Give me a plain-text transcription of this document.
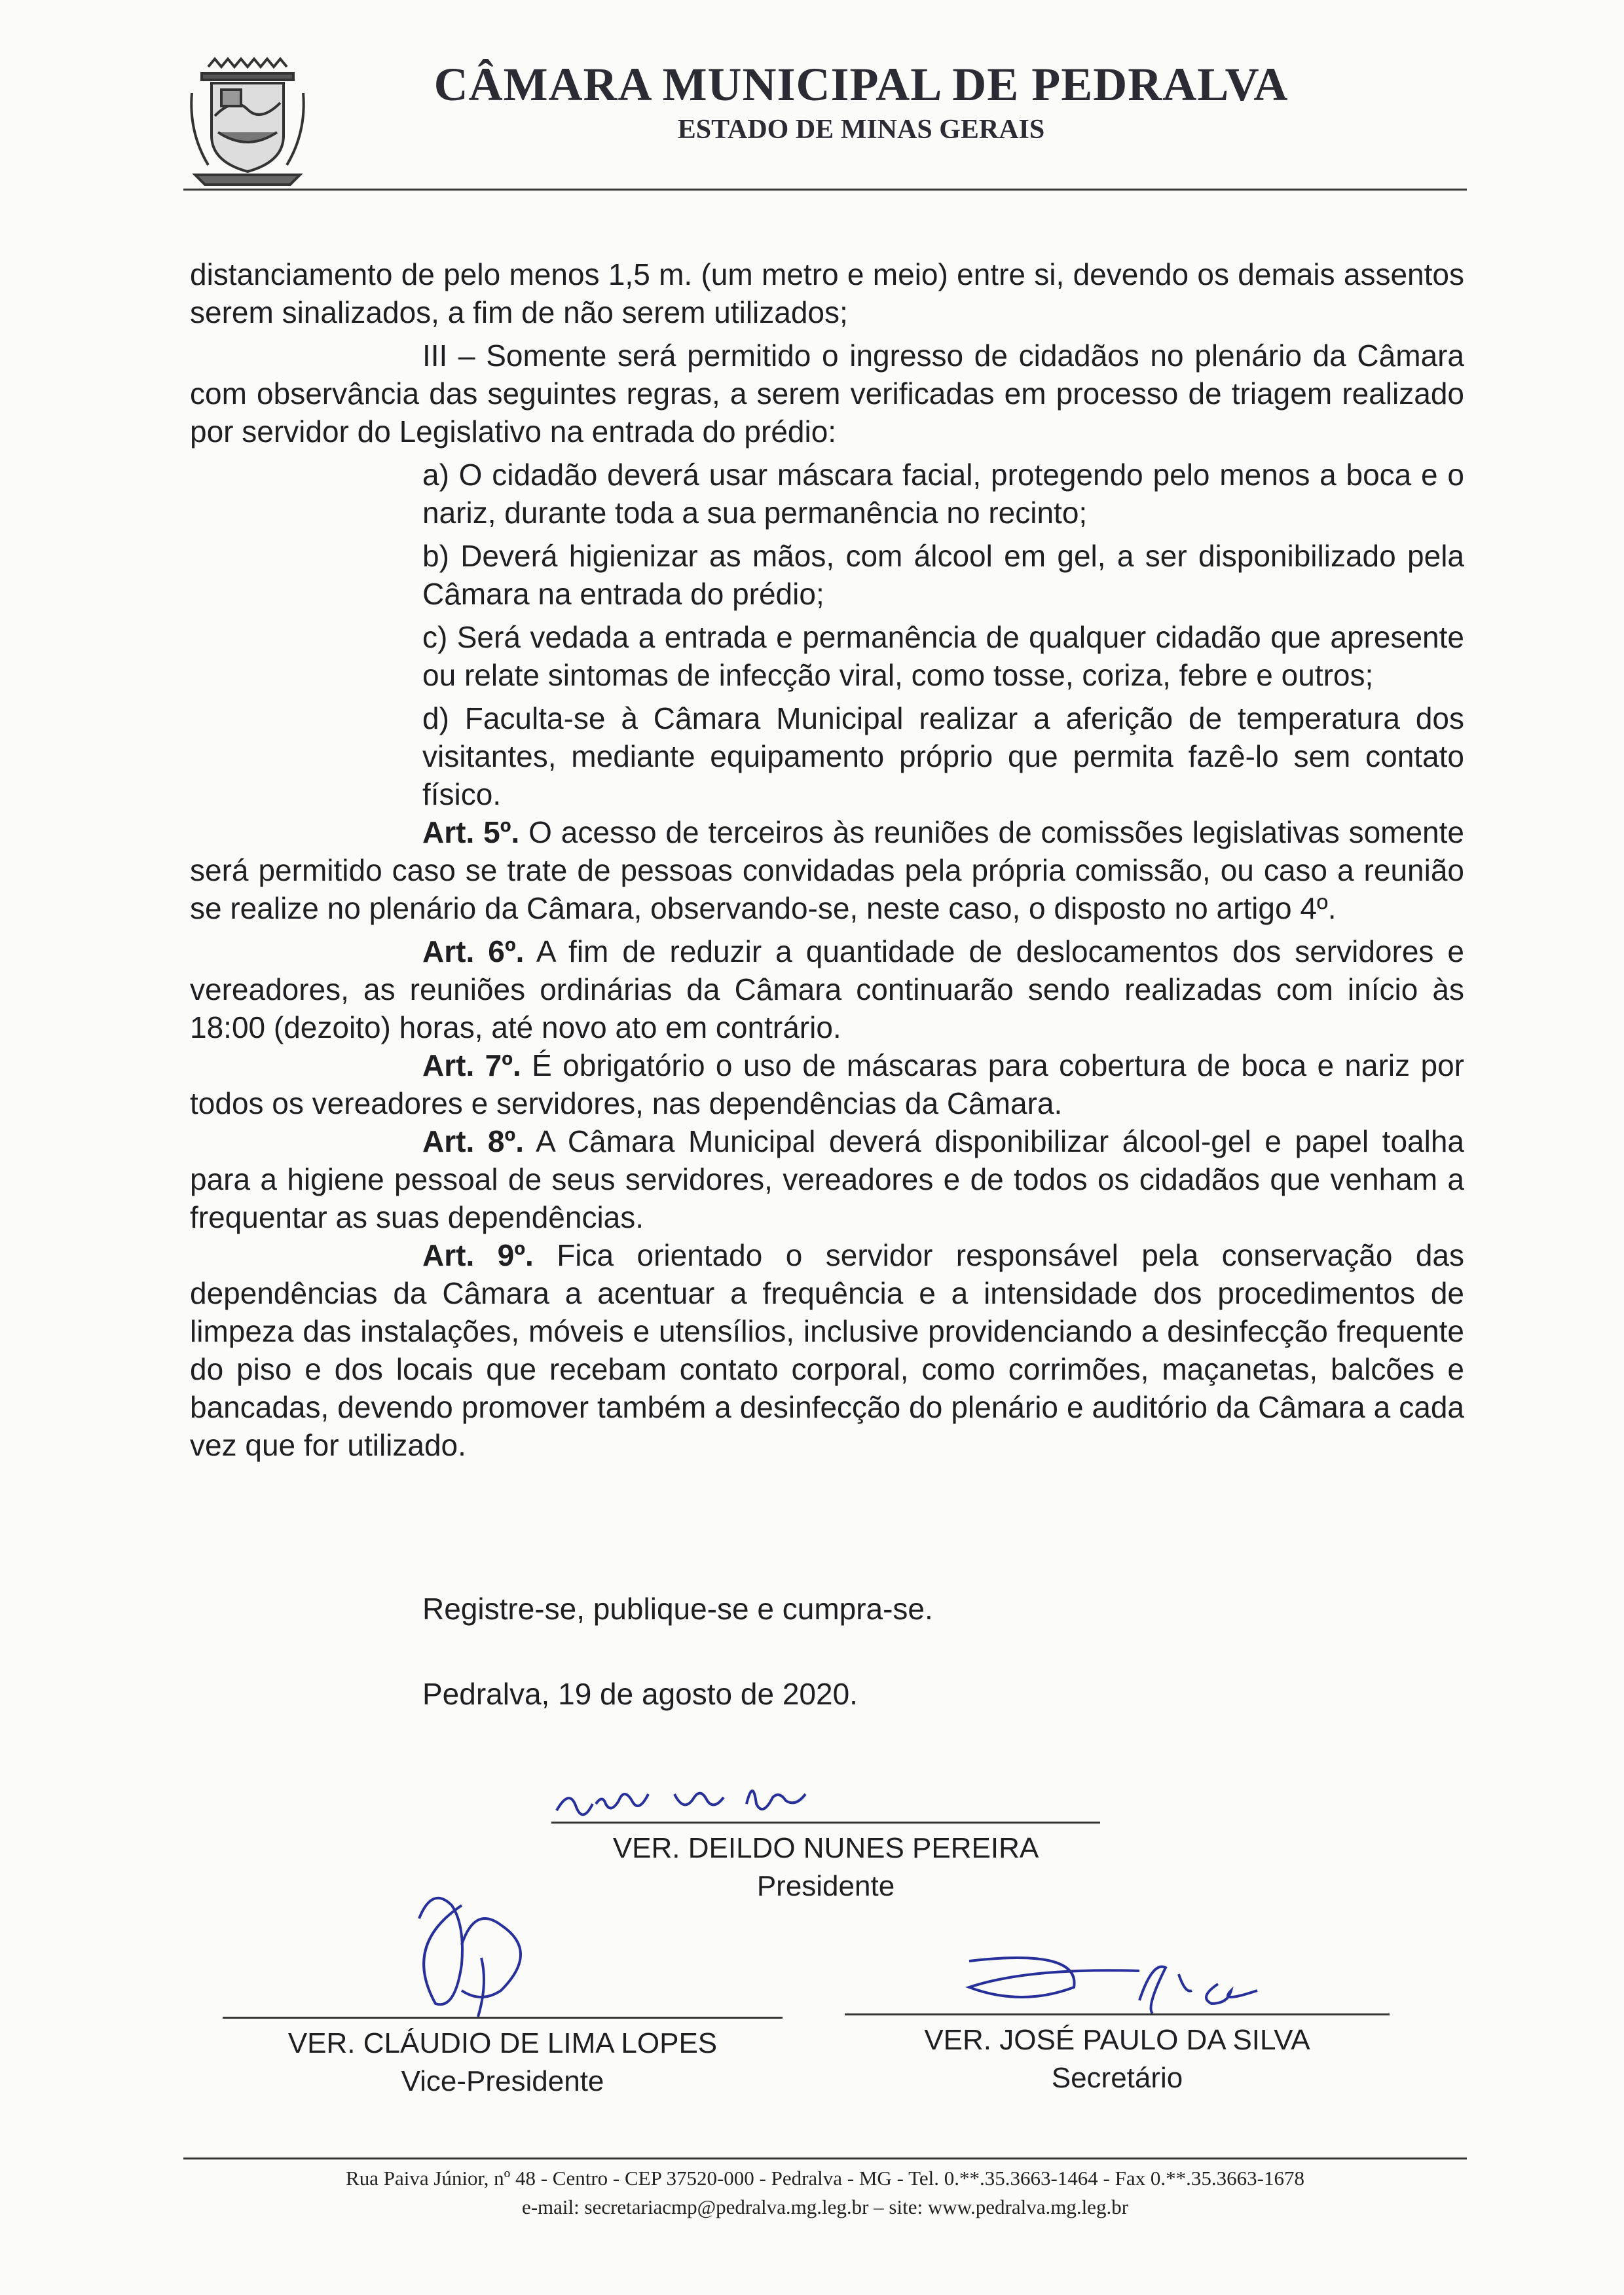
CÂMARA MUNICIPAL DE PEDRALVA
ESTADO DE MINAS GERAIS

distanciamento de pelo menos 1,5 m. (um metro e meio) entre si, devendo os demais assentos serem sinalizados, a fim de não serem utilizados;

III – Somente será permitido o ingresso de cidadãos no plenário da Câmara com observância das seguintes regras, a serem verificadas em processo de triagem realizado por servidor do Legislativo na entrada do prédio:

a) O cidadão deverá usar máscara facial, protegendo pelo menos a boca e o nariz, durante toda a sua permanência no recinto;

b) Deverá higienizar as mãos, com álcool em gel, a ser disponibilizado pela Câmara na entrada do prédio;

c) Será vedada a entrada e permanência de qualquer cidadão que apresente ou relate sintomas de infecção viral, como tosse, coriza, febre e outros;

d) Faculta-se à Câmara Municipal realizar a aferição de temperatura dos visitantes, mediante equipamento próprio que permita fazê-lo sem contato físico.

Art. 5º. O acesso de terceiros às reuniões de comissões legislativas somente será permitido caso se trate de pessoas convidadas pela própria comissão, ou caso a reunião se realize no plenário da Câmara, observando-se, neste caso, o disposto no artigo 4º.

Art. 6º. A fim de reduzir a quantidade de deslocamentos dos servidores e vereadores, as reuniões ordinárias da Câmara continuarão sendo realizadas com início às 18:00 (dezoito) horas, até novo ato em contrário.

Art. 7º. É obrigatório o uso de máscaras para cobertura de boca e nariz por todos os vereadores e servidores, nas dependências da Câmara.

Art. 8º. A Câmara Municipal deverá disponibilizar álcool-gel e papel toalha para a higiene pessoal de seus servidores, vereadores e de todos os cidadãos que venham a frequentar as suas dependências.

Art. 9º. Fica orientado o servidor responsável pela conservação das dependências da Câmara a acentuar a frequência e a intensidade dos procedimentos de limpeza das instalações, móveis e utensílios, inclusive providenciando a desinfecção frequente do piso e dos locais que recebam contato corporal, como corrimões, maçanetas, balcões e bancadas, devendo promover também a desinfecção do plenário e auditório da Câmara a cada vez que for utilizado.

Registre-se, publique-se e cumpra-se.
Pedralva, 19 de agosto de 2020.
VER. DEILDO NUNES PEREIRA
Presidente
VER. CLÁUDIO DE LIMA LOPES
Vice-Presidente
VER. JOSÉ PAULO DA SILVA
Secretário
Rua Paiva Júnior, nº 48 - Centro - CEP 37520-000 - Pedralva - MG - Tel. 0.**.35.3663-1464 - Fax 0.**.35.3663-1678
e-mail: secretariacmp@pedralva.mg.leg.br – site: www.pedralva.mg.leg.br
